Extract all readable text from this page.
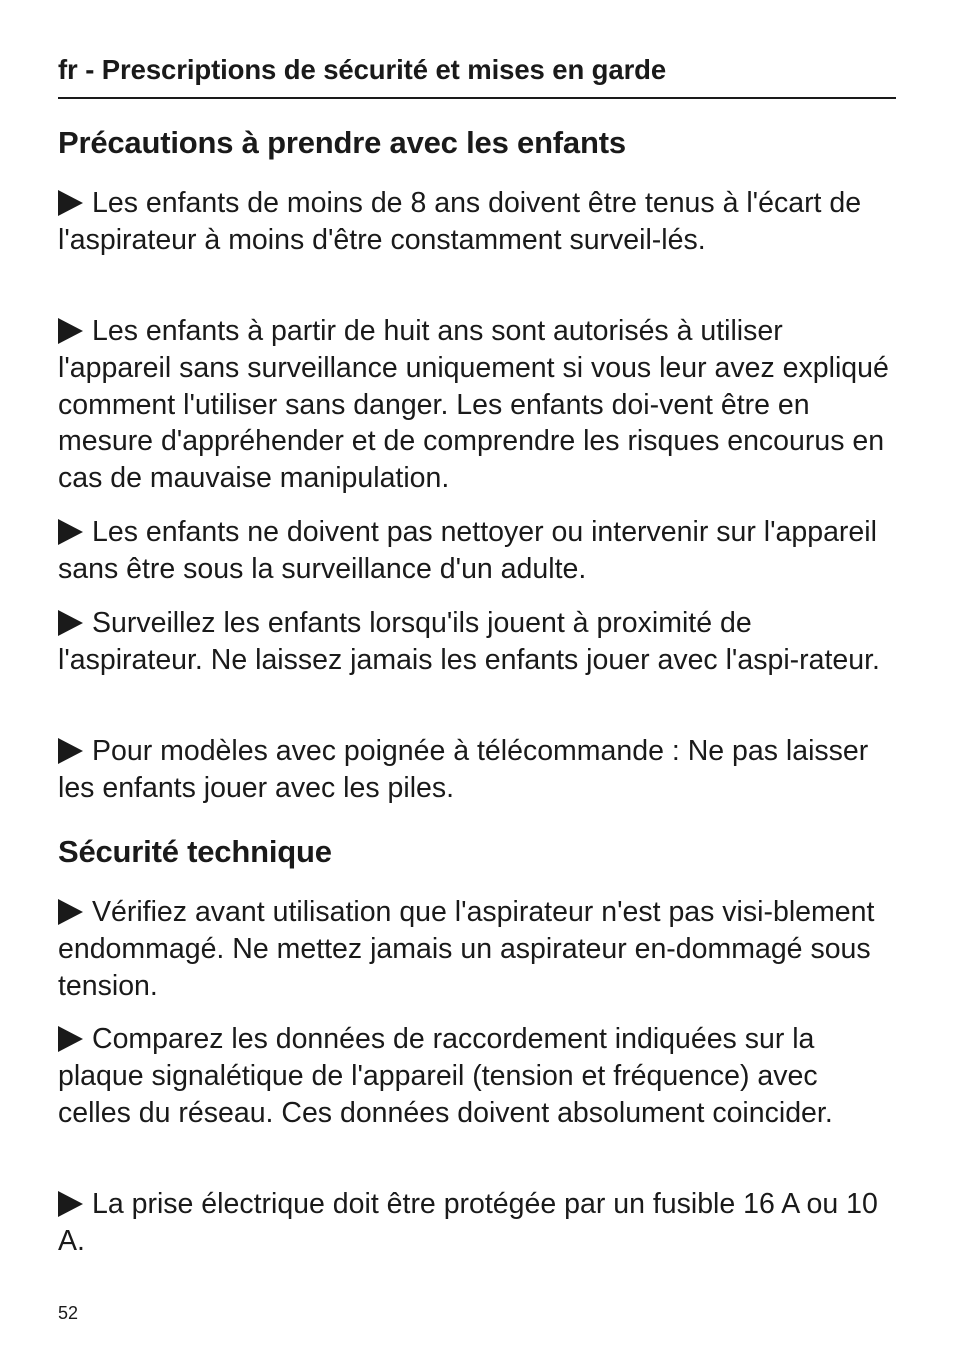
fr - Prescriptions de sécurité et mises en garde
Précautions à prendre avec les enfants

Les enfants de moins de 8 ans doivent être tenus à l'écart de l'aspirateur à moins d'être constamment surveil-lés.

Les enfants à partir de huit ans sont autorisés à utiliser l'appareil sans surveillance uniquement si vous leur avez expliqué comment l'utiliser sans danger. Les enfants doi-vent être en mesure d'appréhender et de comprendre les risques encourus en cas de mauvaise manipulation.

Les enfants ne doivent pas nettoyer ou intervenir sur l'appareil sans être sous la surveillance d'un adulte.

Surveillez les enfants lorsqu'ils jouent à proximité de l'aspirateur. Ne laissez jamais les enfants jouer avec l'aspi-rateur.

Pour modèles avec poignée à télécommande : Ne pas laisser les enfants jouer avec les piles.

Sécurité technique

Vérifiez avant utilisation que l'aspirateur n'est pas visi-blement endommagé. Ne mettez jamais un aspirateur en-dommagé sous tension.

Comparez les données de raccordement indiquées sur la plaque signalétique de l'appareil (tension et fréquence) avec celles du réseau. Ces données doivent absolument coincider.

La prise électrique doit être protégée par un fusible 16 A ou 10 A.

52
